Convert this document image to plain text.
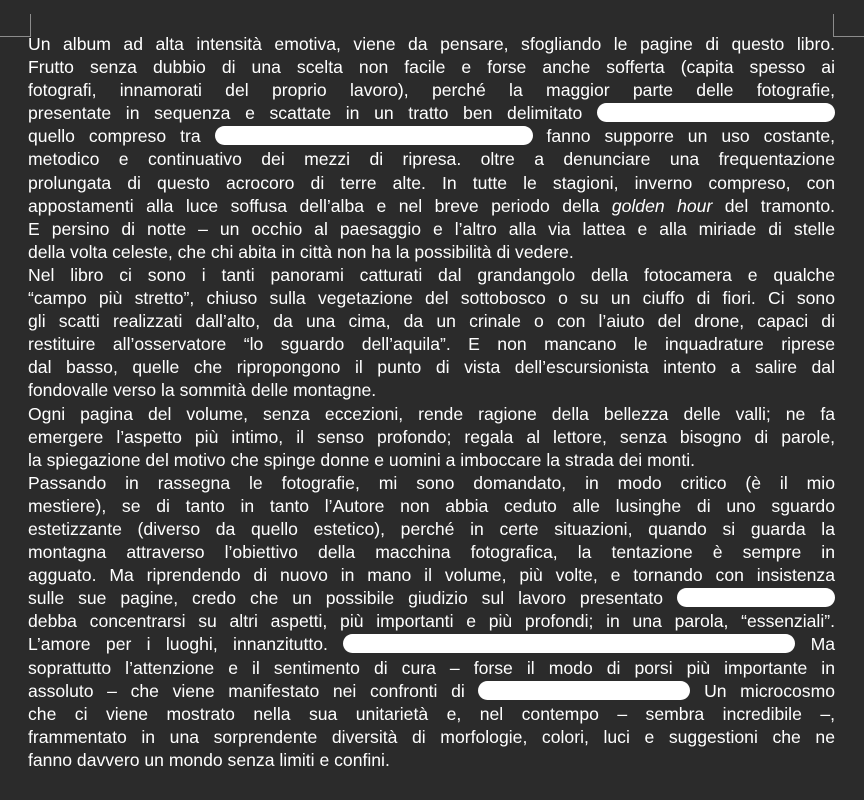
Un album ad alta intensità emotiva, viene da pensare, sfogliando le pagine di questo libro.

Frutto senza dubbio di una scelta non facile e forse anche sofferta (capita spesso ai

fotografi, innamorati del proprio lavoro), perché la maggior parte delle fotografie,

presentate in sequenza e scattate in un tratto ben delimitato

quello compreso tra	fanno supporre un uso costante,

metodico e continuativo dei mezzi di ripresa. oltre a denunciare una frequentazione

prolungata di questo acrocoro di terre alte. In tutte le stagioni, inverno compreso, con

appostamenti alla luce soffusa dell’alba e nel breve periodo della golden hour del tramonto.

E persino di notte – un occhio al paesaggio e l’altro alla via lattea e alla miriade di stelle

della volta celeste, che chi abita in città non ha la possibilità di vedere.

Nel libro ci sono i tanti panorami catturati dal grandangolo della fotocamera e qualche

“campo più stretto”, chiuso sulla vegetazione del sottobosco o su un ciuffo di fiori. Ci sono

gli scatti realizzati dall’alto, da una cima, da un crinale o con l’aiuto del drone, capaci di

restituire all’osservatore “lo sguardo dell’aquila”. E non mancano le inquadrature riprese

dal basso, quelle che ripropongono il punto di vista dell’escursionista intento a salire dal

fondovalle verso la sommità delle montagne.

Ogni pagina del volume, senza eccezioni, rende ragione della bellezza delle valli; ne fa

emergere l’aspetto più intimo, il senso profondo; regala al lettore, senza bisogno di parole,

la spiegazione del motivo che spinge donne e uomini a imboccare la strada dei monti.

Passando in rassegna le fotografie, mi sono domandato, in modo critico (è il mio

mestiere), se di tanto in tanto l’Autore non abbia ceduto alle lusinghe di uno sguardo

estetizzante (diverso da quello estetico), perché in certe situazioni, quando si guarda la

montagna attraverso l’obiettivo della macchina fotografica, la tentazione è sempre in

agguato. Ma riprendendo di nuovo in mano il volume, più volte, e tornando con insistenza

sulle sue pagine, credo che un possibile giudizio sul lavoro presentato

debba concentrarsi su altri aspetti, più importanti e più profondi; in una parola, “essenziali”.

L’amore per i luoghi, innanzitutto.	Ma

soprattutto l’attenzione e il sentimento di cura – forse il modo di porsi più importante in

assoluto – che viene manifestato nei confronti di	Un microcosmo

che ci viene mostrato nella sua unitarietà e, nel contempo – sembra incredibile –,

frammentato in una sorprendente diversità di morfologie, colori, luci e suggestioni che ne

fanno davvero un mondo senza limiti e confini.
